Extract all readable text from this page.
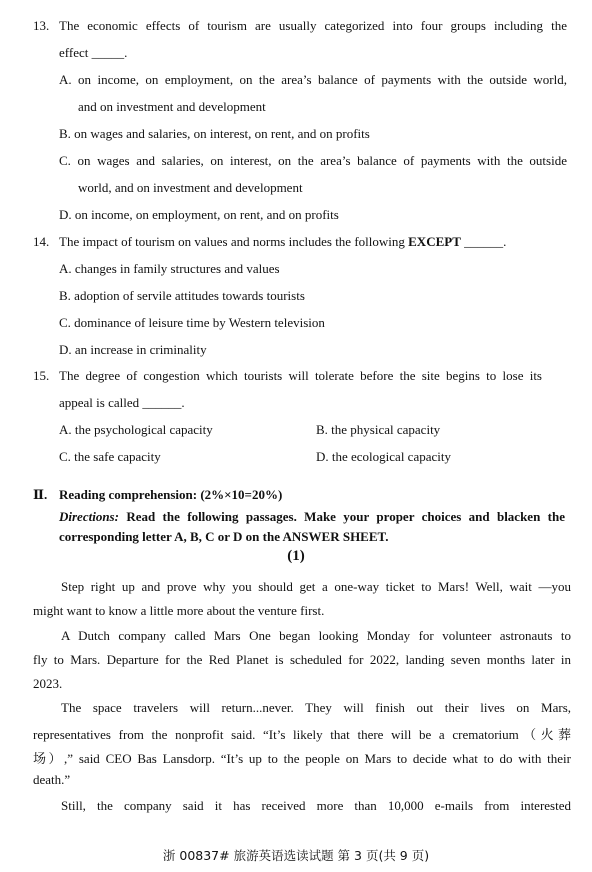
13. The economic effects of tourism are usually categorized into four groups including the
effect _____.
A. on income, on employment, on the area’s balance of payments with the outside world,
and on investment and development
B. on wages and salaries, on interest, on rent, and on profits
C. on wages and salaries, on interest, on the area’s balance of payments with the outside
world, and on investment and development
D. on income, on employment, on rent, and on profits
14. The impact of tourism on values and norms includes the following EXCEPT ______.
A. changes in family structures and values
B. adoption of servile attitudes towards tourists
C. dominance of leisure time by Western television
D. an increase in criminality
15. The degree of congestion which tourists will tolerate before the site begins to lose its
appeal is called ______.
A. the psychological capacity	B. the physical capacity
C. the safe capacity	D. the ecological capacity
Ⅱ. Reading comprehension: (2%×10=20%)
Directions: Read the following passages. Make your proper choices and blacken the
corresponding letter A, B, C or D on the ANSWER SHEET.
(1)
Step right up and prove why you should get a one-way ticket to Mars! Well, wait —you
might want to know a little more about the venture first.
A Dutch company called Mars One began looking Monday for volunteer astronauts to
fly to Mars. Departure for the Red Planet is scheduled for 2022, landing seven months later in
2023.
The space travelers will return...never. They will finish out their lives on Mars,
representatives from the nonprofit said. “It’s likely that there will be a crematorium（火葬
场）,” said CEO Bas Lansdorp. “It’s up to the people on Mars to decide what to do with their
death.”
Still, the company said it has received more than 10,000 e-mails from interested
浙 00837# 旅游英语选读试题 第 3 页(共 9 页)
